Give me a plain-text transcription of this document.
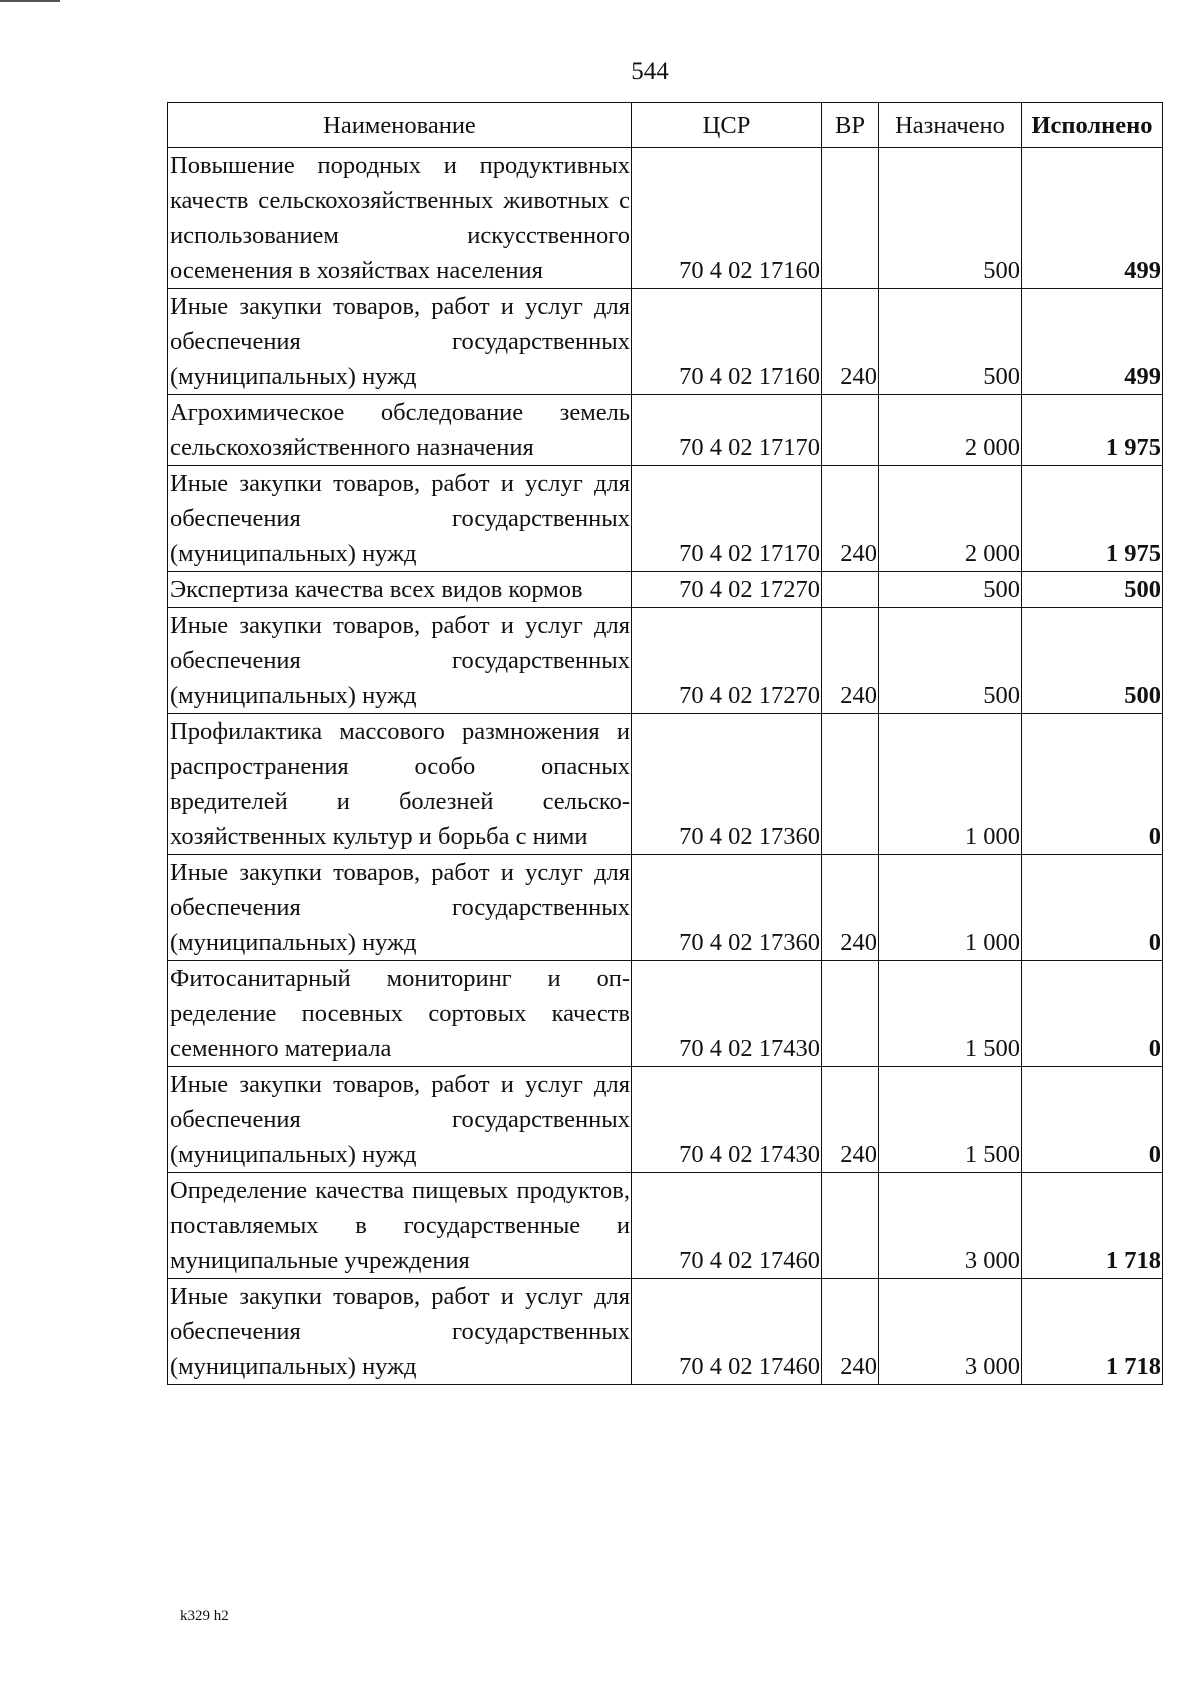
544
Наименование	ЦСР	ВР	Назначено	Исполнено
Повышение породных и продуктивных качеств сельскохозяйственных животных с использованием искусственного осеменения в хозяйствах населения	70 4 02 17160		500	499
Иные закупки товаров, работ и услуг для обеспечения государственных (муниципальных) нужд	70 4 02 17160	240	500	499
Агрохимическое обследование земель сельскохозяйственного назначения	70 4 02 17170		2 000	1 975
Иные закупки товаров, работ и услуг для обеспечения государственных (муниципальных) нужд	70 4 02 17170	240	2 000	1 975
Экспертиза качества всех видов кормов	70 4 02 17270		500	500
Иные закупки товаров, работ и услуг для обеспечения государственных (муниципальных) нужд	70 4 02 17270	240	500	500
Профилактика массового размножения и распространения особо опасных вредителей и болезней сельскохозяйственных культур и борьба с ними	70 4 02 17360		1 000	0
Иные закупки товаров, работ и услуг для обеспечения государственных (муниципальных) нужд	70 4 02 17360	240	1 000	0
Фитосанитарный мониторинг и определение посевных сортовых качеств семенного материала	70 4 02 17430		1 500	0
Иные закупки товаров, работ и услуг для обеспечения государственных (муниципальных) нужд	70 4 02 17430	240	1 500	0
Определение качества пищевых продуктов, поставляемых в государственные и муниципальные учреждения	70 4 02 17460		3 000	1 718
Иные закупки товаров, работ и услуг для обеспечения государственных (муниципальных) нужд	70 4 02 17460	240	3 000	1 718
k329 h2
